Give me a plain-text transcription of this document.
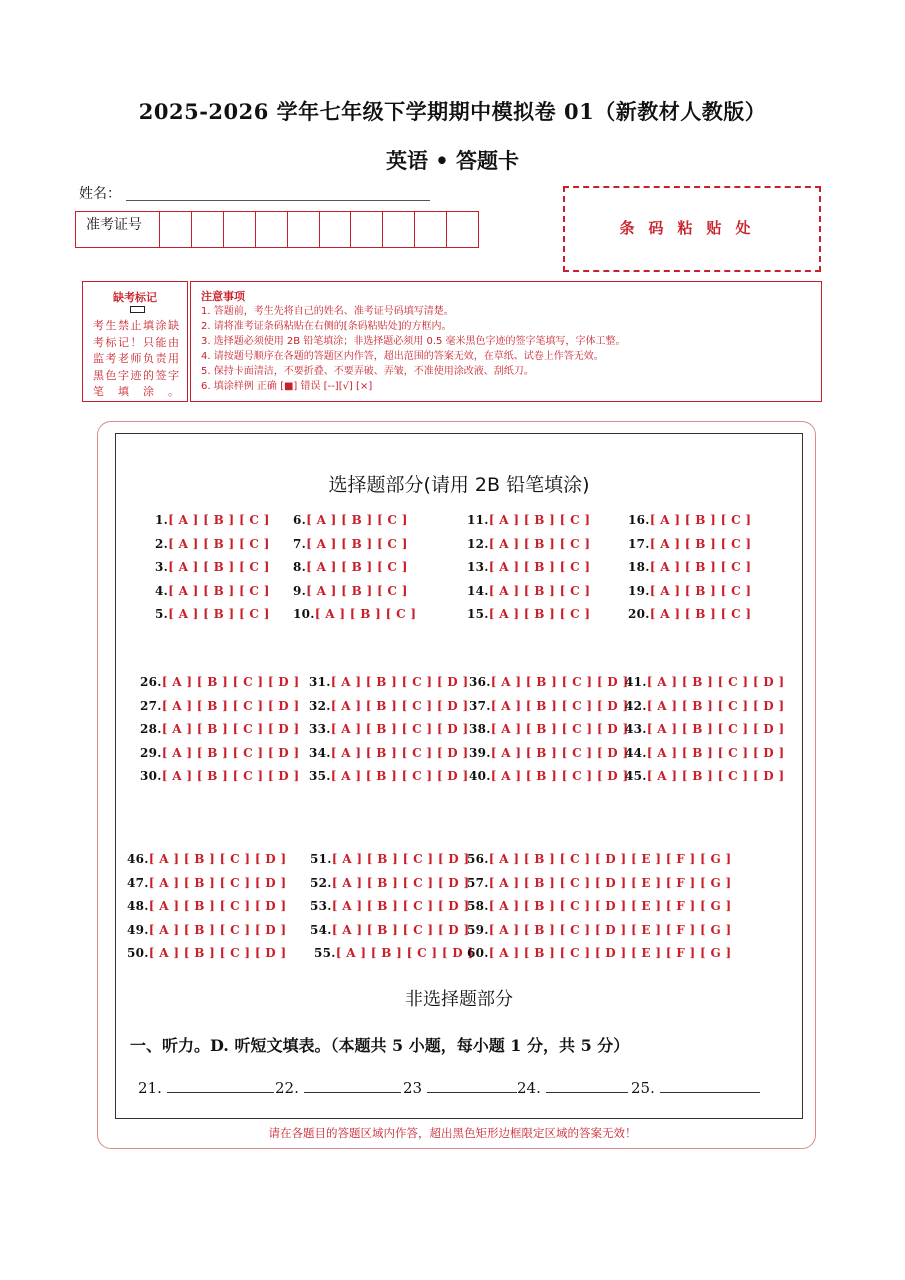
2025-2026 学年七年级下学期期中模拟卷 01（新教材人教版）
英语 • 答题卡
姓名：
准考证号	条码粘贴处
缺考标记
考生禁止填涂缺考标记！只能由监考老师负责用黑色字迹的签字笔填涂。
注意事项
1. 答题前，考生先将自己的姓名、准考证号码填写清楚。
2. 请将准考证条码粘贴在右侧的[条码粘贴处]的方框内。
3. 选择题必须使用 2B 铅笔填涂；非选择题必须用 0.5 毫米黑色字迹的签字笔填写，字体工整。
4. 请按题号顺序在各题的答题区内作答，超出范围的答案无效，在草纸、试卷上作答无效。
5. 保持卡面清洁，不要折叠、不要弄破、弄皱，不准使用涂改液、刮纸刀。
6. 填涂样例 正确 [■] 错误 [--][√] [×]
选择题部分(请用 2B 铅笔填涂)
1.[ A ] [ B ] [ C ]
2.[ A ] [ B ] [ C ]
3.[ A ] [ B ] [ C ]
4.[ A ] [ B ] [ C ]
5.[ A ] [ B ] [ C ]
6.[ A ] [ B ] [ C ]
7.[ A ] [ B ] [ C ]
8.[ A ] [ B ] [ C ]
9.[ A ] [ B ] [ C ]
10.[ A ] [ B ] [ C ]
11.[ A ] [ B ] [ C ]
12.[ A ] [ B ] [ C ]
13.[ A ] [ B ] [ C ]
14.[ A ] [ B ] [ C ]
15.[ A ] [ B ] [ C ]
16.[ A ] [ B ] [ C ]
17.[ A ] [ B ] [ C ]
18.[ A ] [ B ] [ C ]
19.[ A ] [ B ] [ C ]
20.[ A ] [ B ] [ C ]
26.[ A ] [ B ] [ C ] [ D ]
27.[ A ] [ B ] [ C ] [ D ]
28.[ A ] [ B ] [ C ] [ D ]
29.[ A ] [ B ] [ C ] [ D ]
30.[ A ] [ B ] [ C ] [ D ]
31.[ A ] [ B ] [ C ] [ D ]
32.[ A ] [ B ] [ C ] [ D ]
33.[ A ] [ B ] [ C ] [ D ]
34.[ A ] [ B ] [ C ] [ D ]
35.[ A ] [ B ] [ C ] [ D ]
36.[ A ] [ B ] [ C ] [ D ]
37.[ A ] [ B ] [ C ] [ D ]
38.[ A ] [ B ] [ C ] [ D ]
39.[ A ] [ B ] [ C ] [ D ]
40.[ A ] [ B ] [ C ] [ D ]
41.[ A ] [ B ] [ C ] [ D ]
42.[ A ] [ B ] [ C ] [ D ]
43.[ A ] [ B ] [ C ] [ D ]
44.[ A ] [ B ] [ C ] [ D ]
45.[ A ] [ B ] [ C ] [ D ]
46.[ A ] [ B ] [ C ] [ D ]
47.[ A ] [ B ] [ C ] [ D ]
48.[ A ] [ B ] [ C ] [ D ]
49.[ A ] [ B ] [ C ] [ D ]
50.[ A ] [ B ] [ C ] [ D ]
51.[ A ] [ B ] [ C ] [ D ]
52.[ A ] [ B ] [ C ] [ D ]
53.[ A ] [ B ] [ C ] [ D ]
54.[ A ] [ B ] [ C ] [ D ]
55.[ A ] [ B ] [ C ] [ D ]
56.[ A ] [ B ] [ C ] [ D ] [ E ] [ F ] [ G ]
57.[ A ] [ B ] [ C ] [ D ] [ E ] [ F ] [ G ]
58.[ A ] [ B ] [ C ] [ D ] [ E ] [ F ] [ G ]
59.[ A ] [ B ] [ C ] [ D ] [ E ] [ F ] [ G ]
60.[ A ] [ B ] [ C ] [ D ] [ E ] [ F ] [ G ]
非选择题部分
一、听力。D. 听短文填表。（本题共 5 小题，每小题 1 分，共 5 分）
21.	22.	23	24.	25.
请在各题目的答题区域内作答，超出黑色矩形边框限定区域的答案无效！
